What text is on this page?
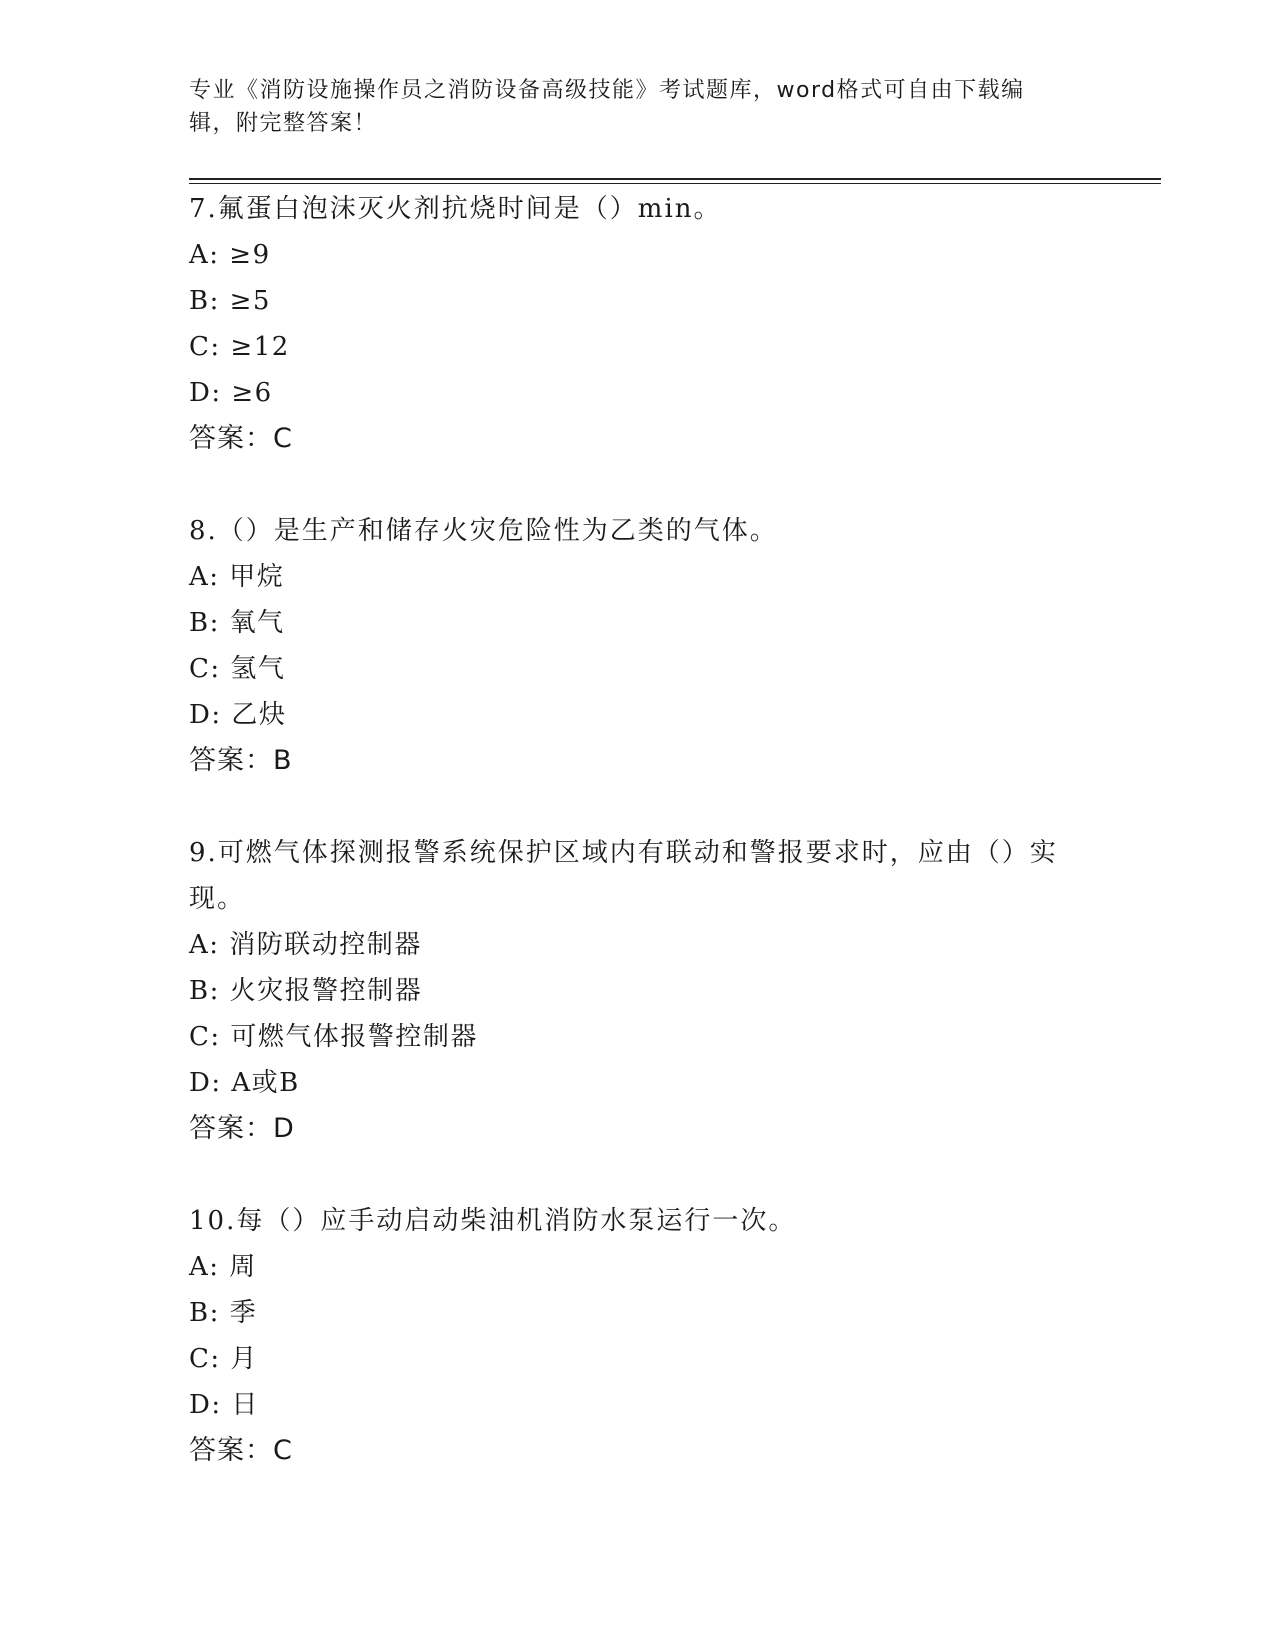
专业《消防设施操作员之消防设备高级技能》考试题库，word格式可自由下载编辑，附完整答案！

7.氟蛋白泡沫灭火剂抗烧时间是（）min。

A: ≥9

B: ≥5

C: ≥12

D: ≥6

答案：C

8.（）是生产和储存火灾危险性为乙类的气体。

A: 甲烷

B: 氧气

C: 氢气

D: 乙炔

答案：B

9.可燃气体探测报警系统保护区域内有联动和警报要求时，应由（）实现。

A: 消防联动控制器

B: 火灾报警控制器

C: 可燃气体报警控制器

D: A或B

答案：D

10.每（）应手动启动柴油机消防水泵运行一次。

A: 周

B: 季

C: 月

D: 日

答案：C
